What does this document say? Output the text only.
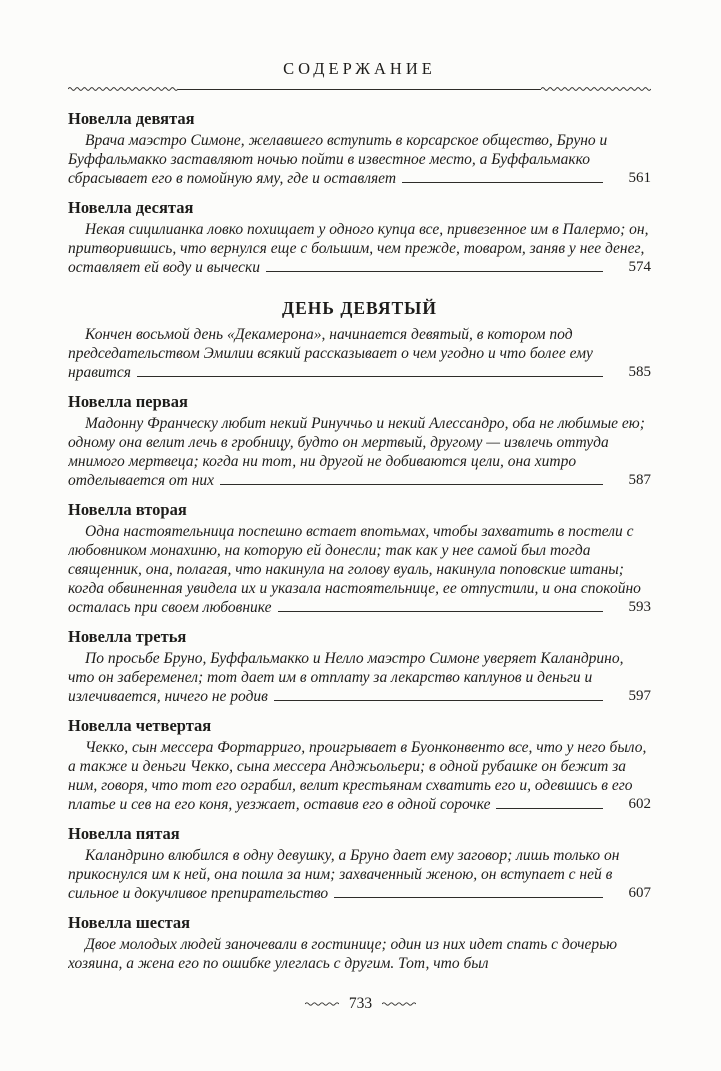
СОДЕРЖАНИЕ
Новелла девятая

Врача маэстро Симоне, желавшего вступить в корсарское общество, Бруно и Буффальмакко заставляют ночью пойти в известное место, а Буффальмакко сбрасывает его в помойную яму, где и оставляет	561

Новелла десятая

Некая сицилианка ловко похищает у одного купца все, привезенное им в Палермо; он, притворившись, что вернулся еще с большим, чем прежде, товаром, заняв у нее денег, оставляет ей воду и вычески	574

ДЕНЬ ДЕВЯТЫЙ

Кончен восьмой день «Декамерона», начинается девятый, в котором под председательством Эмилии всякий рассказывает о чем угодно и что более ему нравится	585

Новелла первая

Мадонну Франческу любит некий Ринуччьо и некий Алессандро, оба не любимые ею; одному она велит лечь в гробницу, будто он мертвый, другому — извлечь оттуда мнимого мертвеца; когда ни тот, ни другой не добиваются цели, она хитро отделывается от них	587

Новелла вторая

Одна настоятельница поспешно встает впотьмах, чтобы захватить в постели с любовником монахиню, на которую ей донесли; так как у нее самой был тогда священник, она, полагая, что накинула на голову вуаль, накинула поповские штаны; когда обвиненная увидела их и указала настоятельнице, ее отпустили, и она спокойно осталась при своем любовнике	593

Новелла третья

По просьбе Бруно, Буффальмакко и Нелло маэстро Симоне уверяет Каландрино, что он забеременел; тот дает им в отплату за лекарство каплунов и деньги и излечивается, ничего не родив	597

Новелла четвертая

Чекко, сын мессера Фортарриго, проигрывает в Буонконвенто все, что у него было, а также и деньги Чекко, сына мессера Анджьольери; в одной рубашке он бежит за ним, говоря, что тот его ограбил, велит крестьянам схватить его и, одевшись в его платье и сев на его коня, уезжает, оставив его в одной сорочке	602

Новелла пятая

Каландрино влюбился в одну девушку, а Бруно дает ему заговор; лишь только он прикоснулся им к ней, она пошла за ним; захваченный женою, он вступает с ней в сильное и докучливое препирательство	607

Новелла шестая

Двое молодых людей заночевали в гостинице; один из них идет спать с дочерью хозяина, а жена его по ошибке улеглась с другим. Тот, что был

733
